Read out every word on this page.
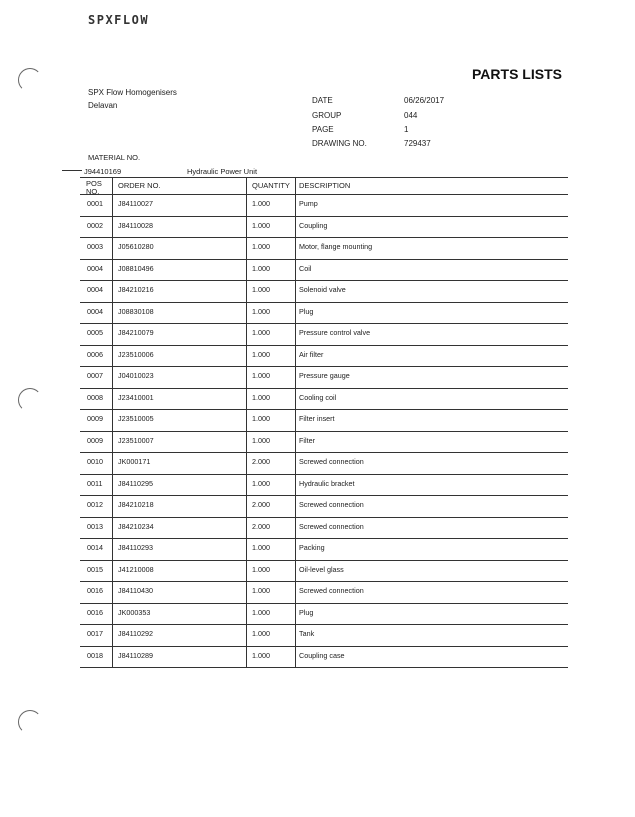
SPXFLOW
PARTS LISTS
SPX Flow Homogenisers
Delavan
DATE	06/26/2017
GROUP	044
PAGE	1
DRAWING NO.	729437
MATERIAL NO.
J94410169	Hydraulic Power Unit
POS NO.
ORDER NO.	QUANTITY DESCRIPTION
0001 J84110027	1.000	Pump
0002 J84110028	1.000	Coupling
0003 J05610280	1.000	Motor, flange mounting
0004 J08810496	1.000	Coil
0004 J84210216	1.000	Solenoid valve
0004 J08830108	1.000	Plug
0005 J84210079	1.000	Pressure control valve
0006 J23510006	1.000	Air filter
0007 J04010023	1.000	Pressure gauge
0008 J23410001	1.000	Cooling coil
0009 J23510005	1.000	Filter insert
0009 J23510007	1.000	Filter
0010 JK000171	2.000	Screwed connection
0011 J84110295	1.000	Hydraulic bracket
0012 J84210218	2.000	Screwed connection
0013 J84210234	2.000	Screwed connection
0014 J84110293	1.000	Packing
0015 J41210008	1.000	Oil-level glass
0016 J84110430	1.000	Screwed connection
0016 JK000353	1.000	Plug
0017 J84110292	1.000	Tank
0018 J84110289	1.000	Coupling case
